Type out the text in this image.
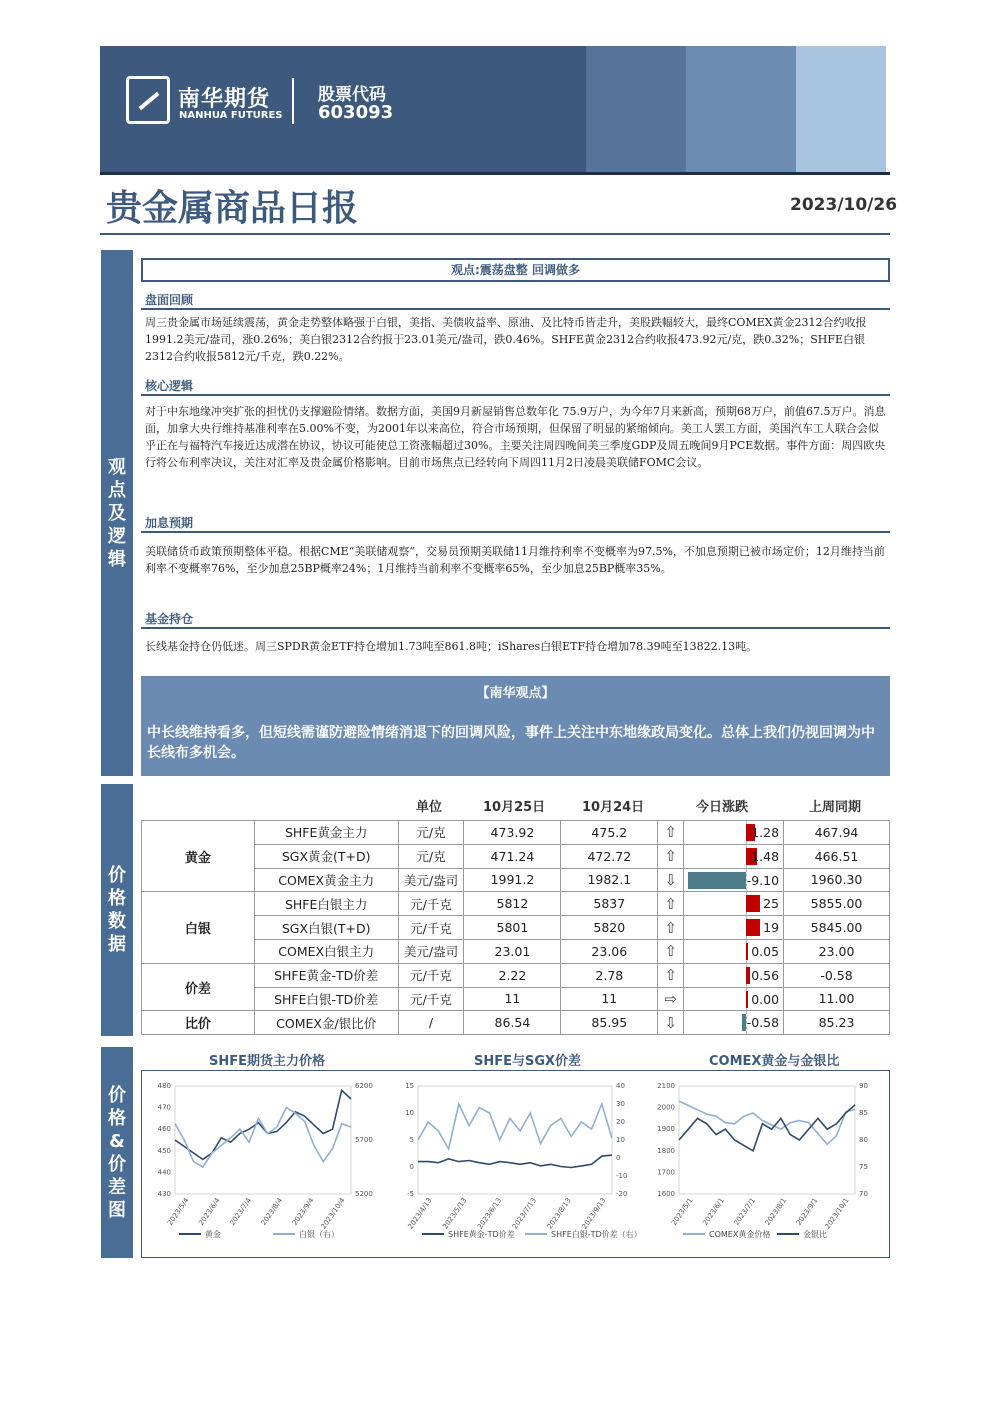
南华期货
NANHUA FUTURES
股票代码
603093
贵金属商品日报	2023/10/26
观点及逻辑
价格数据
价格&价差图
观点:震荡盘整 回调做多
盘面回顾
周三贵金属市场延续震荡，黄金走势整体略强于白银，美指、美债收益率、原油、及比特币皆走升，美股跌幅较大，最终COMEX黄金2312合约收报1991.2美元/盎司，涨0.26%；美白银2312合约报于23.01美元/盎司，跌0.46%。SHFE黄金2312合约收报473.92元/克，跌0.32%；SHFE白银2312合约收报5812元/千克，跌0.22%。
核心逻辑
对于中东地缘冲突扩张的担忧仍支撑避险情绪。数据方面，美国9月新屋销售总数年化 75.9万户，为今年7月来新高，预期68万户，前值67.5万户。消息面，加拿大央行维持基准利率在5.00%不变，为2001年以来高位，符合市场预期，但保留了明显的紧缩倾向。美工人罢工方面，美国汽车工人联合会似乎正在与福特汽车接近达成潜在协议，协议可能使总工资涨幅超过30%。主要关注周四晚间美三季度GDP及周五晚间9月PCE数据。事件方面：周四欧央行将公布利率决议，关注对汇率及贵金属价格影响。目前市场焦点已经转向下周四11月2日凌晨美联储FOMC会议。
加息预期
美联储货币政策预期整体平稳。根据CME“美联储观察”，交易员预期美联储11月维持利率不变概率为97.5%，不加息预期已被市场定价；12月维持当前利率不变概率76%，至少加息25BP概率24%；1月维持当前利率不变概率65%，至少加息25BP概率35%。
基金持仓
长线基金持仓仍低迷。周三SPDR黄金ETF持仓增加1.73吨至861.8吨；iShares白银ETF持仓增加78.39吨至13822.13吨。
【南华观点】
中长线维持看多，但短线需谨防避险情绪消退下的回调风险，事件上关注中东地缘政局变化。总体上我们仍视回调为中长线布多机会。
单位	10月25日	10月24日	今日涨跌	上周同期
黄金	SHFE黄金主力	元/克	473.92	475.2	⇧	1.28	467.94
	SGX黄金(T+D)	元/克	471.24	472.72	⇧	1.48	466.51
	COMEX黄金主力	美元/盎司	1991.2	1982.1	⇩	-9.10	1960.30
白银	SHFE白银主力	元/千克	5812	5837	⇧	25	5855.00
	SGX白银(T+D)	元/千克	5801	5820	⇧	19	5845.00
	COMEX白银主力	美元/盎司	23.01	23.06	⇧	0.05	23.00
价差	SHFE黄金-TD价差	元/千克	2.22	2.78	⇧	0.56	-0.58
	SHFE白银-TD价差	元/千克	11	11	⇨	0.00	11.00
比价	COMEX金/银比价	/	86.54	85.95	⇩	-0.58	85.23
SHFE期货主力价格	SHFE与SGX价差	COMEX黄金与金银比
480
470
460
450
440
430
6200
5700
5200
2023/5/4 2023/6/4 2023/7/4 2023/8/4 2023/9/4 2023/10/4
黄金	白银（右）
15
10
5
0
-5
40
30
20
10
0
-10
-20
2023/4/13 2023/5/13 2023/6/13 2023/7/13 2023/8/13 2023/9/13
SHFE黄金-TD价差	SHFE白银-TD价差（右）
2100
2000
1900
1800
1700
1600
90
85
80
75
70
2023/5/1 2023/6/1 2023/7/1 2023/8/1 2023/9/1 2023/10/1
COMEX黄金价格	金银比
